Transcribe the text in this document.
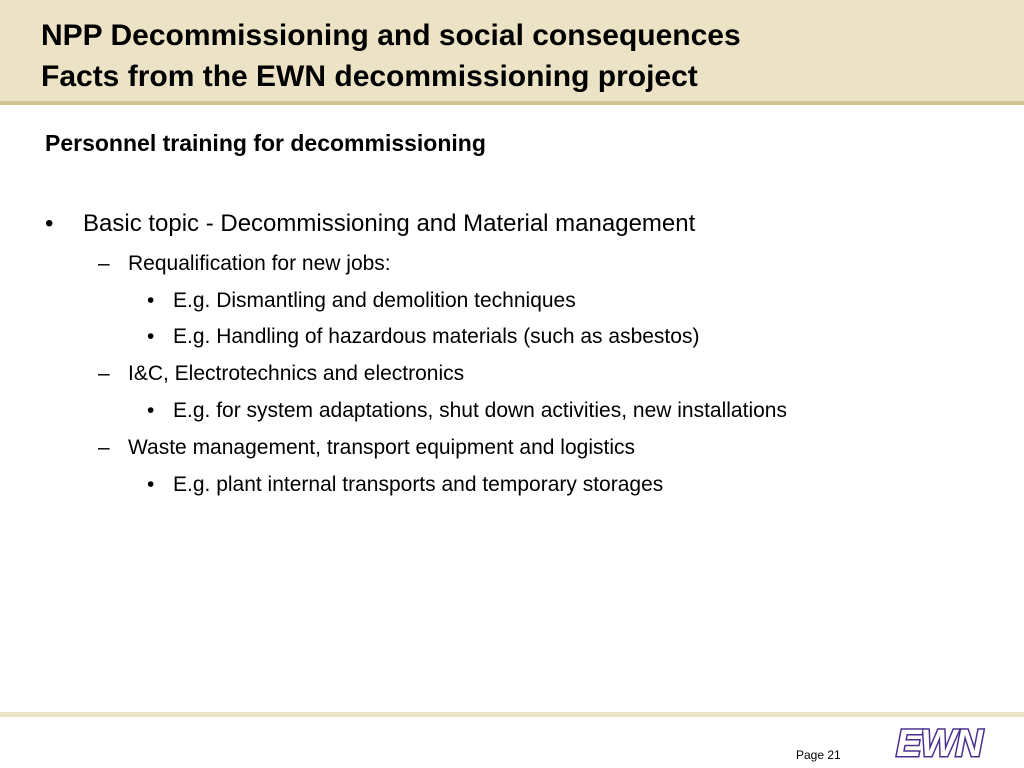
NPP Decommissioning and social consequences
Facts from the EWN decommissioning project
Personnel training for decommissioning
• Basic topic - Decommissioning and Material management
– Requalification for new jobs:
• E.g. Dismantling and demolition techniques
• E.g. Handling of hazardous materials (such as asbestos)
– I&C, Electrotechnics and electronics
• E.g. for system adaptations, shut down activities, new installations
– Waste management, transport equipment and logistics
• E.g. plant internal transports and temporary storages
Page 21 EWN
